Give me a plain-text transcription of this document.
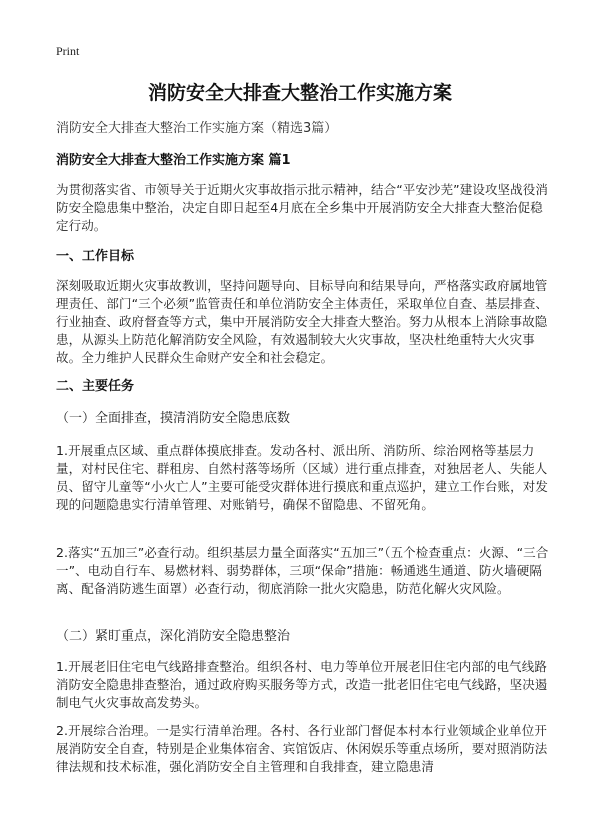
Print
消防安全大排查大整治工作实施方案
消防安全大排查大整治工作实施方案（精选3篇）
消防安全大排查大整治工作实施方案 篇1

为贯彻落实省、市领导关于近期火灾事故指示批示精神，结合“平安沙芜”建设攻坚战役消防安全隐患集中整治，决定自即日起至4月底在全乡集中开展消防安全大排查大整治促稳定行动。

一、工作目标

深刻吸取近期火灾事故教训，坚持问题导向、目标导向和结果导向，严格落实政府属地管理责任、部门“三个必须”监管责任和单位消防安全主体责任，采取单位自查、基层排查、行业抽查、政府督查等方式，集中开展消防安全大排查大整治。努力从根本上消除事故隐患，从源头上防范化解消防安全风险，有效遏制较大火灾事故，坚决杜绝重特大火灾事故。全力维护人民群众生命财产安全和社会稳定。

二、主要任务
（一）全面排查，摸清消防安全隐患底数

1.开展重点区域、重点群体摸底排查。发动各村、派出所、消防所、综治网格等基层力量，对村民住宅、群租房、自然村落等场所（区域）进行重点排查，对独居老人、失能人员、留守儿童等“小火亡人”主要可能受灾群体进行摸底和重点巡护，建立工作台账，对发现的问题隐患实行清单管理、对账销号，确保不留隐患、不留死角。

2.落实“五加三”必查行动。组织基层力量全面落实“五加三”（五个检查重点：火源、“三合一”、电动自行车、易燃材料、弱势群体，三项“保命”措施：畅通逃生通道、防火墙硬隔离、配备消防逃生面罩）必查行动，彻底消除一批火灾隐患，防范化解火灾风险。

（二）紧盯重点，深化消防安全隐患整治

1.开展老旧住宅电气线路排查整治。组织各村、电力等单位开展老旧住宅内部的电气线路消防安全隐患排查整治，通过政府购买服务等方式，改造一批老旧住宅电气线路，坚决遏制电气火灾事故高发势头。

2.开展综合治理。一是实行清单治理。各村、各行业部门督促本村本行业领域企业单位开展消防安全自查，特别是企业集体宿舍、宾馆饭店、休闲娱乐等重点场所，要对照消防法律法规和技术标准，强化消防安全自主管理和自我排查，建立隐患清
